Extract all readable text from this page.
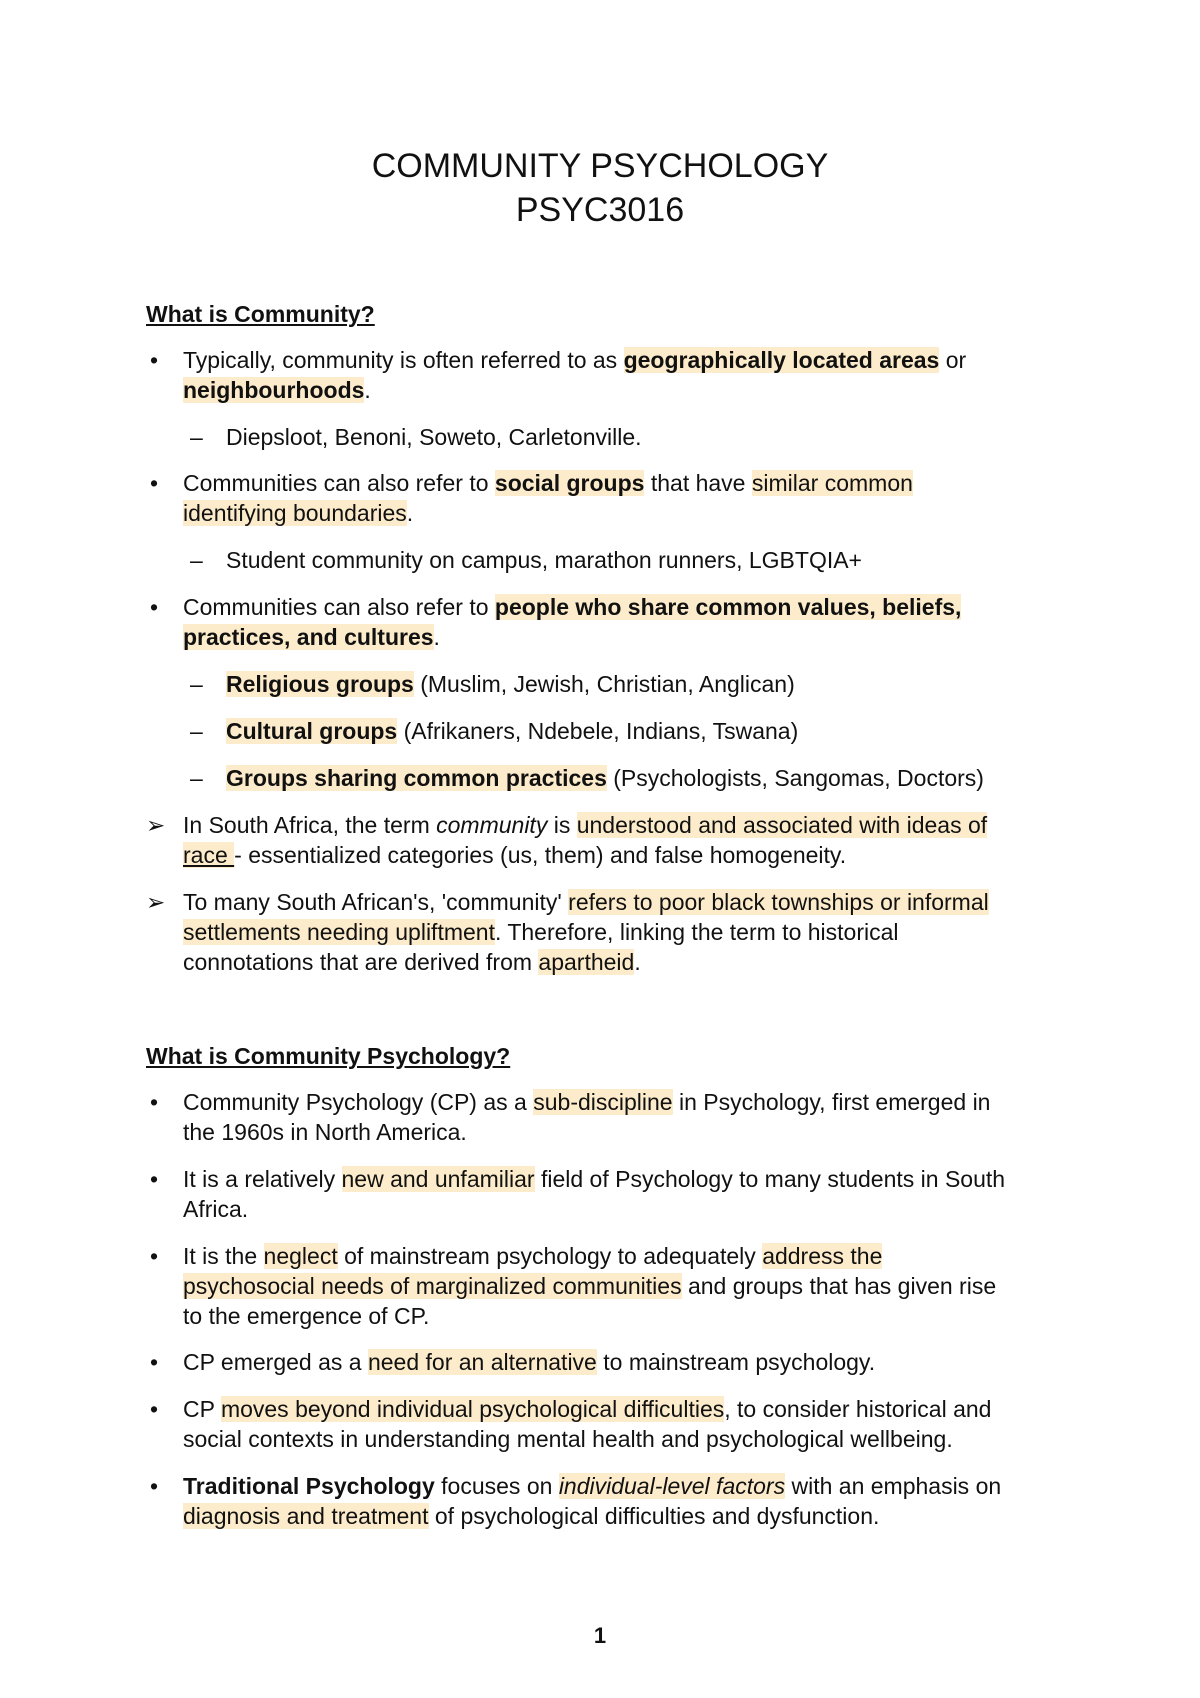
COMMUNITY PSYCHOLOGY
PSYC3016
What is Community?
• Typically, community is often referred to as geographically located areas or
neighbourhoods.
– Diepsloot, Benoni, Soweto, Carletonville.
• Communities can also refer to social groups that have similar common
identifying boundaries.
– Student community on campus, marathon runners, LGBTQIA+
• Communities can also refer to people who share common values, beliefs,
practices, and cultures.
– Religious groups (Muslim, Jewish, Christian, Anglican)
– Cultural groups (Afrikaners, Ndebele, Indians, Tswana)
– Groups sharing common practices (Psychologists, Sangomas, Doctors)
➢ In South Africa, the term community is understood and associated with ideas of
race - essentialized categories (us, them) and false homogeneity.
➢ To many South African's, 'community' refers to poor black townships or informal
settlements needing upliftment. Therefore, linking the term to historical
connotations that are derived from apartheid.
What is Community Psychology?
• Community Psychology (CP) as a sub-discipline in Psychology, first emerged in
the 1960s in North America.
• It is a relatively new and unfamiliar field of Psychology to many students in South
Africa.
• It is the neglect of mainstream psychology to adequately address the
psychosocial needs of marginalized communities and groups that has given rise
to the emergence of CP.
• CP emerged as a need for an alternative to mainstream psychology.
• CP moves beyond individual psychological difficulties, to consider historical and
social contexts in understanding mental health and psychological wellbeing.
• Traditional Psychology focuses on individual-level factors with an emphasis on
diagnosis and treatment of psychological difficulties and dysfunction.
1
